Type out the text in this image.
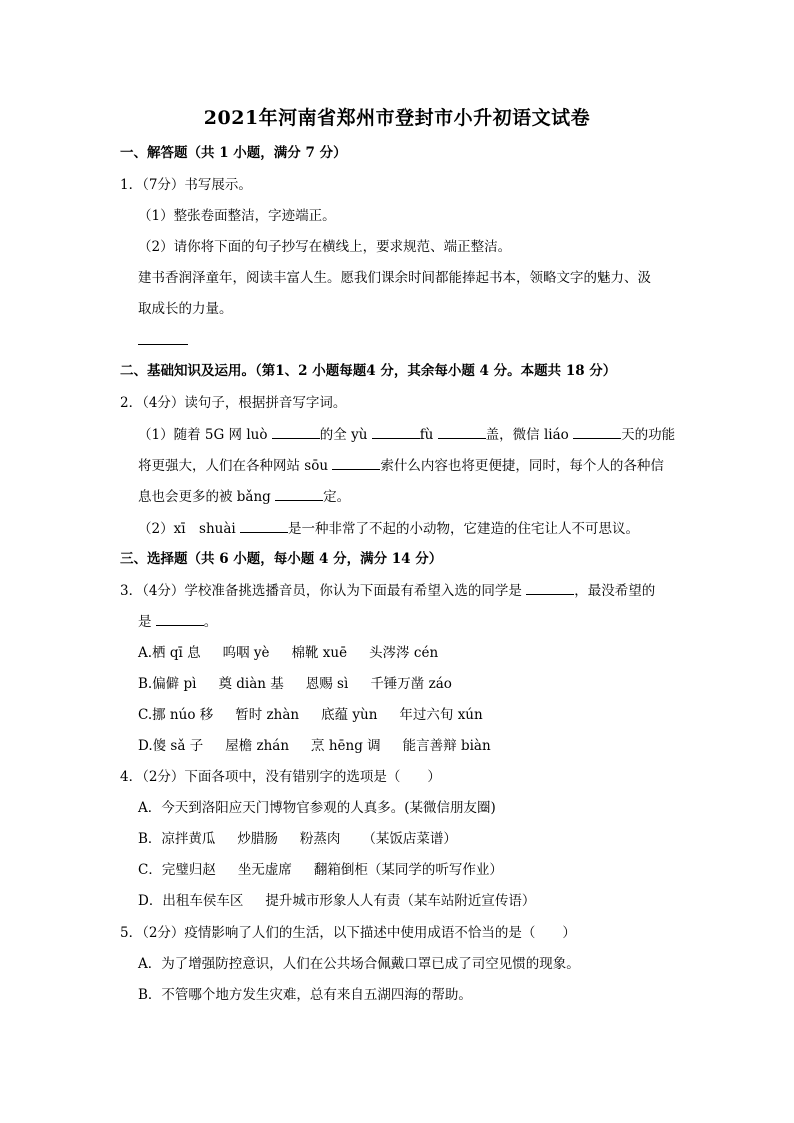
2021年河南省郑州市登封市小升初语文试卷
一、解答题（共 1 小题，满分 7 分）
1．（7分）书写展示。
（1）整张卷面整洁，字迹端正。
（2）请你将下面的句子抄写在横线上，要求规范、端正整洁。
建书香润泽童年，阅读丰富人生。愿我们课余时间都能捧起书本，领略文字的魅力、汲
取成长的力量。
二、基础知识及运用。（第1、2 小题每题4 分，其余每小题 4 分。本题共 18 分）
2．（4分）读句子，根据拼音写字词。
（1）随着 5G 网 luò	的全 yù	fù	盖，微信 liáo	天的功能
将更强大，人们在各种网站 sōu	索什么内容也将更便捷，同时，每个人的各种信
息也会更多的被 bǎng	定。
（2）xī　shuài	是一种非常了不起的小动物，它建造的住宅让人不可思议。
三、选择题（共 6 小题，每小题 4 分，满分 14 分）
3．（4分）学校准备挑选播音员，你认为下面最有希望入选的同学是	，最没希望的
是	。
A.栖 qī 息 呜咽 yè 棉靴 xuē 头涔涔 cén
B.偏僻 pì 奠 diàn 基 恩赐 sì 千锤万凿 záo
C.挪 núo 移 暂时 zhàn 底蕴 yùn 年过六旬 xún
D.傻 sǎ 子 屋檐 zhán 烹 hēng 调 能言善辩 biàn
4．（2分）下面各项中，没有错别字的选项是（　　）
A．今天到洛阳应天门博物官参观的人真多。(某微信朋友圈)
B．凉拌黄瓜 炒腊肠 粉蒸肉 （某饭店菜谱）
C．完璧归赵 坐无虚席 翻箱倒柜（某同学的听写作业）
D．出租车侯车区 提升城市形象人人有责（某车站附近宣传语）
5．（2分）疫情影响了人们的生活，以下描述中使用成语不恰当的是（　　）
A．为了增强防控意识，人们在公共场合佩戴口罩已成了司空见惯的现象。
B．不管哪个地方发生灾难，总有来自五湖四海的帮助。
